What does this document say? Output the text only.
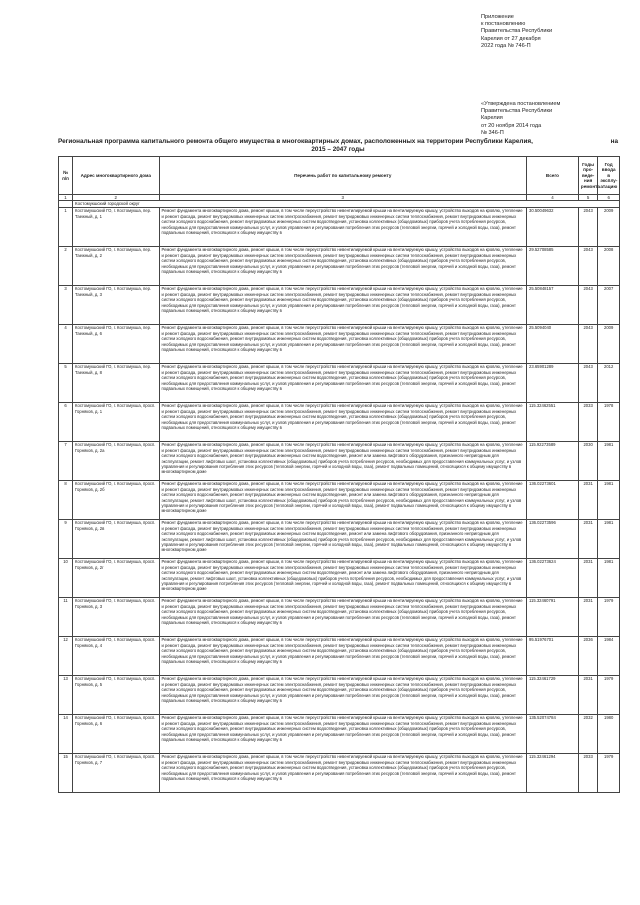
Приложение
к постановлению
Правительства Республики
Карелия от 27 декабря
2022 года № 746-П
«Утверждена постановлением
Правительства Республики
Карелия
от 20 ноября 2014 года
№ 346-П
Региональная программа капитального ремонта общего имущества в многоквартирных домах, расположенных на территории Республики Карелия,	на
2015 – 2047 годы
№ п/п	Адрес многоквартирного дома	Перечень работ по капитальному ремонту	Всего	Годы про-веде-ния ремонта	Год ввода в эксплу-атацию
1	2	3	4	5	6
	Костомукшский городской округ				
1	Костомукшский ГО, г. Костомукша, пер. Таежный, д. 1	Ремонт фундамента многоквартирного дома, ремонт крыши, в том числе переустройство невентилируемой крыши на вентилируемую крышу, устройство выходов на кровлю, утепление и ремонт фасада, ремонт внутридомовых инженерных систем электроснабжения, ремонт внутридомовых инженерных систем теплоснабжения, ремонт внутридомовых инженерных систем холодного водоснабжения, ремонт внутридомовых инженерных систем водоотведения, установка коллективных (общедомовых) приборов учета потребления ресурсов, необходимых для предоставления коммунальных услуг, и узлов управления и регулирования потребления этих ресурсов (тепловой энергии, горячей и холодной воды, газа), ремонт подвальных помещений, относящихся к общему имуществу в	30.50049632	2043	2009
2	Костомукшский ГО, г. Костомукша, пер. Таежный, д. 2	Ремонт фундамента многоквартирного дома, ремонт крыши, в том числе переустройство невентилируемой крыши на вентилируемую крышу, устройство выходов на кровлю, утепление и ремонт фасада, ремонт внутридомовых инженерных систем электроснабжения, ремонт внутридомовых инженерных систем теплоснабжения, ремонт внутридомовых инженерных систем холодного водоснабжения, ремонт внутридомовых инженерных систем водоотведения, установка коллективных (общедомовых) приборов учета потребления ресурсов, необходимых для предоставления коммунальных услуг, и узлов управления и регулирования потребления этих ресурсов (тепловой энергии, горячей и холодной воды, газа), ремонт подвальных помещений, относящихся к общему имуществу в	29.52708585	2043	2008
3	Костомукшский ГО, г. Костомукша, пер. Таежный, д. 3	Ремонт фундамента многоквартирного дома, ремонт крыши, в том числе переустройство невентилируемой крыши на вентилируемую крышу, устройство выходов на кровлю, утепление и ремонт фасада, ремонт внутридомовых инженерных систем электроснабжения, ремонт внутридомовых инженерных систем теплоснабжения, ремонт внутридомовых инженерных систем холодного водоснабжения, ремонт внутридомовых инженерных систем водоотведения, установка коллективных (общедомовых) приборов учета потребления ресурсов, необходимых для предоставления коммунальных услуг, и узлов управления и регулирования потребления этих ресурсов (тепловой энергии, горячей и холодной воды, газа), ремонт подвальных помещений, относящихся к общему имуществу в	25.50848157	2043	2007
4	Костомукшский ГО, г. Костомукша, пер. Таежный, д. 6	Ремонт фундамента многоквартирного дома, ремонт крыши, в том числе переустройство невентилируемой крыши на вентилируемую крышу, устройство выходов на кровлю, утепление и ремонт фасада, ремонт внутридомовых инженерных систем электроснабжения, ремонт внутридомовых инженерных систем теплоснабжения, ремонт внутридомовых инженерных систем холодного водоснабжения, ремонт внутридомовых инженерных систем водоотведения, установка коллективных (общедомовых) приборов учета потребления ресурсов, необходимых для предоставления коммунальных услуг, и узлов управления и регулирования потребления этих ресурсов (тепловой энергии, горячей и холодной воды, газа), ремонт подвальных помещений, относящихся к общему имуществу в	25.5094040	2043	2009
5	Костомукшский ГО, г. Костомукша, пер. Таежный, д. 8	Ремонт фундамента многоквартирного дома, ремонт крыши, в том числе переустройство невентилируемой крыши на вентилируемую крышу, устройство выходов на кровлю, утепление и ремонт фасада, ремонт внутридомовых инженерных систем электроснабжения, ремонт внутридомовых инженерных систем теплоснабжения, ремонт внутридомовых инженерных систем холодного водоснабжения, ремонт внутридомовых инженерных систем водоотведения, установка коллективных (общедомовых) приборов учета потребления ресурсов, необходимых для предоставления коммунальных услуг, и узлов управления и регулирования потребления этих ресурсов (тепловой энергии, горячей и холодной воды, газа), ремонт подвальных помещений, относящихся к общему имуществу в	23.65901289	2043	2012
6	Костомукшский ГО, г. Костомукша, просп. Горняков, д. 1	Ремонт фундамента многоквартирного дома, ремонт крыши, в том числе переустройство невентилируемой крыши на вентилируемую крышу, устройство выходов на кровлю, утепление и ремонт фасада, ремонт внутридомовых инженерных систем электроснабжения, ремонт внутридомовых инженерных систем теплоснабжения, ремонт внутридомовых инженерных систем холодного водоснабжения, ремонт внутридомовых инженерных систем водоотведения, установка коллективных (общедомовых) приборов учета потребления ресурсов, необходимых для предоставления коммунальных услуг, и узлов управления и регулирования потребления этих ресурсов (тепловой энергии, горячей и холодной воды, газа), ремонт подвальных помещений, относящихся к общему имуществу в	115.32462551	2033	1978
7	Костомукшский ГО, г. Костомукша, просп. Горняков, д. 2а	Ремонт фундамента многоквартирного дома, ремонт крыши, в том числе переустройство невентилируемой крыши на вентилируемую крышу, устройство выходов на кровлю, утепление и ремонт фасада, ремонт внутридомовых инженерных систем электроснабжения, ремонт внутридомовых инженерных систем теплоснабжения, ремонт внутридомовых инженерных систем холодного водоснабжения, ремонт внутридомовых инженерных систем водоотведения, ремонт или замена лифтового оборудования, признанного непригодным для эксплуатации, ремонт лифтовых шахт, установка коллективных (общедомовых) приборов учета потребления ресурсов, необходимых для предоставления коммунальных услуг, и узлов управления и регулирования потребления этих ресурсов (тепловой энергии, горячей и холодной воды, газа), ремонт подвальных помещений, относящихся к общему имуществу в многоквартирном доме	115.92273589	2030	1981
8	Костомукшский ГО, г. Костомукша, просп. Горняков, д. 2б	Ремонт фундамента многоквартирного дома, ремонт крыши, в том числе переустройство невентилируемой крыши на вентилируемую крышу, устройство выходов на кровлю, утепление и ремонт фасада, ремонт внутридомовых инженерных систем электроснабжения, ремонт внутридомовых инженерных систем теплоснабжения, ремонт внутридомовых инженерных систем холодного водоснабжения, ремонт внутридомовых инженерных систем водоотведения, ремонт или замена лифтового оборудования, признанного непригодным для эксплуатации, ремонт лифтовых шахт, установка коллективных (общедомовых) приборов учета потребления ресурсов, необходимых для предоставления коммунальных услуг, и узлов управления и регулирования потребления этих ресурсов (тепловой энергии, горячей и холодной воды, газа), ремонт подвальных помещений, относящихся к общему имуществу в многоквартирном доме	136.02273601	2031	1981
9	Костомукшский ГО, г. Костомукша, просп. Горняков, д. 2в	Ремонт фундамента многоквартирного дома, ремонт крыши, в том числе переустройство невентилируемой крыши на вентилируемую крышу, устройство выходов на кровлю, утепление и ремонт фасада, ремонт внутридомовых инженерных систем электроснабжения, ремонт внутридомовых инженерных систем теплоснабжения, ремонт внутридомовых инженерных систем холодного водоснабжения, ремонт внутридомовых инженерных систем водоотведения, ремонт или замена лифтового оборудования, признанного непригодным для эксплуатации, ремонт лифтовых шахт, установка коллективных (общедомовых) приборов учета потребления ресурсов, необходимых для предоставления коммунальных услуг, и узлов управления и регулирования потребления этих ресурсов (тепловой энергии, горячей и холодной воды, газа), ремонт подвальных помещений, относящихся к общему имуществу в многоквартирном доме	136.02273596	2031	1981
10	Костомукшский ГО, г. Костомукша, просп. Горняков, д. 2г	Ремонт фундамента многоквартирного дома, ремонт крыши, в том числе переустройство невентилируемой крыши на вентилируемую крышу, устройство выходов на кровлю, утепление и ремонт фасада, ремонт внутридомовых инженерных систем электроснабжения, ремонт внутридомовых инженерных систем теплоснабжения, ремонт внутридомовых инженерных систем холодного водоснабжения, ремонт внутридомовых инженерных систем водоотведения, ремонт или замена лифтового оборудования, признанного непригодным для эксплуатации, ремонт лифтовых шахт, установка коллективных (общедомовых) приборов учета потребления ресурсов, необходимых для предоставления коммунальных услуг, и узлов управления и регулирования потребления этих ресурсов (тепловой энергии, горячей и холодной воды, газа), ремонт подвальных помещений, относящихся к общему имуществу в многоквартирном доме	136.02273624	2031	1981
11	Костомукшский ГО, г. Костомукша, просп. Горняков, д. 3	Ремонт фундамента многоквартирного дома, ремонт крыши, в том числе переустройство невентилируемой крыши на вентилируемую крышу, устройство выходов на кровлю, утепление и ремонт фасада, ремонт внутридомовых инженерных систем электроснабжения, ремонт внутридомовых инженерных систем теплоснабжения, ремонт внутридомовых инженерных систем холодного водоснабжения, ремонт внутридомовых инженерных систем водоотведения, установка коллективных (общедомовых) приборов учета потребления ресурсов, необходимых для предоставления коммунальных услуг, и узлов управления и регулирования потребления этих ресурсов (тепловой энергии, горячей и холодной воды, газа), ремонт подвальных помещений, относящихся к общему имуществу в	115.32460791	2031	1979
12	Костомукшский ГО, г. Костомукша, просп. Горняков, д. 4	Ремонт фундамента многоквартирного дома, ремонт крыши, в том числе переустройство невентилируемой крыши на вентилируемую крышу, устройство выходов на кровлю, утепление и ремонт фасада, ремонт внутридомовых инженерных систем электроснабжения, ремонт внутридомовых инженерных систем теплоснабжения, ремонт внутридомовых инженерных систем холодного водоснабжения, ремонт внутридомовых инженерных систем водоотведения, установка коллективных (общедомовых) приборов учета потребления ресурсов, необходимых для предоставления коммунальных услуг, и узлов управления и регулирования потребления этих ресурсов (тепловой энергии, горячей и холодной воды, газа), ремонт подвальных помещений, относящихся к общему имуществу в	95.51976701	2036	1984
13	Костомукшский ГО, г. Костомукша, просп. Горняков, д. 5	Ремонт фундамента многоквартирного дома, ремонт крыши, в том числе переустройство невентилируемой крыши на вентилируемую крышу, устройство выходов на кровлю, утепление и ремонт фасада, ремонт внутридомовых инженерных систем электроснабжения, ремонт внутридомовых инженерных систем теплоснабжения, ремонт внутридомовых инженерных систем холодного водоснабжения, ремонт внутридомовых инженерных систем водоотведения, установка коллективных (общедомовых) приборов учета потребления ресурсов, необходимых для предоставления коммунальных услуг, и узлов управления и регулирования потребления этих ресурсов (тепловой энергии, горячей и холодной воды, газа), ремонт подвальных помещений, относящихся к общему имуществу в	115.32461729	2031	1979
14	Костомукшский ГО, г. Костомукша, просп. Горняков, д. 6	Ремонт фундамента многоквартирного дома, ремонт крыши, в том числе переустройство невентилируемой крыши на вентилируемую крышу, устройство выходов на кровлю, утепление и ремонт фасада, ремонт внутридомовых инженерных систем электроснабжения, ремонт внутридомовых инженерных систем теплоснабжения, ремонт внутридомовых инженерных систем холодного водоснабжения, ремонт внутридомовых инженерных систем водоотведения, установка коллективных (общедомовых) приборов учета потребления ресурсов, необходимых для предоставления коммунальных услуг, и узлов управления и регулирования потребления этих ресурсов (тепловой энергии, горячей и холодной воды, газа), ремонт подвальных помещений, относящихся к общему имуществу в	135.52074784	2032	1980
15	Костомукшский ГО, г. Костомукша, просп. Горняков, д. 7	Ремонт фундамента многоквартирного дома, ремонт крыши, в том числе переустройство невентилируемой крыши на вентилируемую крышу, устройство выходов на кровлю, утепление и ремонт фасада, ремонт внутридомовых инженерных систем электроснабжения, ремонт внутридомовых инженерных систем теплоснабжения, ремонт внутридомовых инженерных систем холодного водоснабжения, ремонт внутридомовых инженерных систем водоотведения, установка коллективных (общедомовых) приборов учета потребления ресурсов, необходимых для предоставления коммунальных услуг, и узлов управления и регулирования потребления этих ресурсов (тепловой энергии, горячей и холодной воды, газа), ремонт подвальных помещений, относящихся к общему имуществу в	115.32461294	2033	1979
